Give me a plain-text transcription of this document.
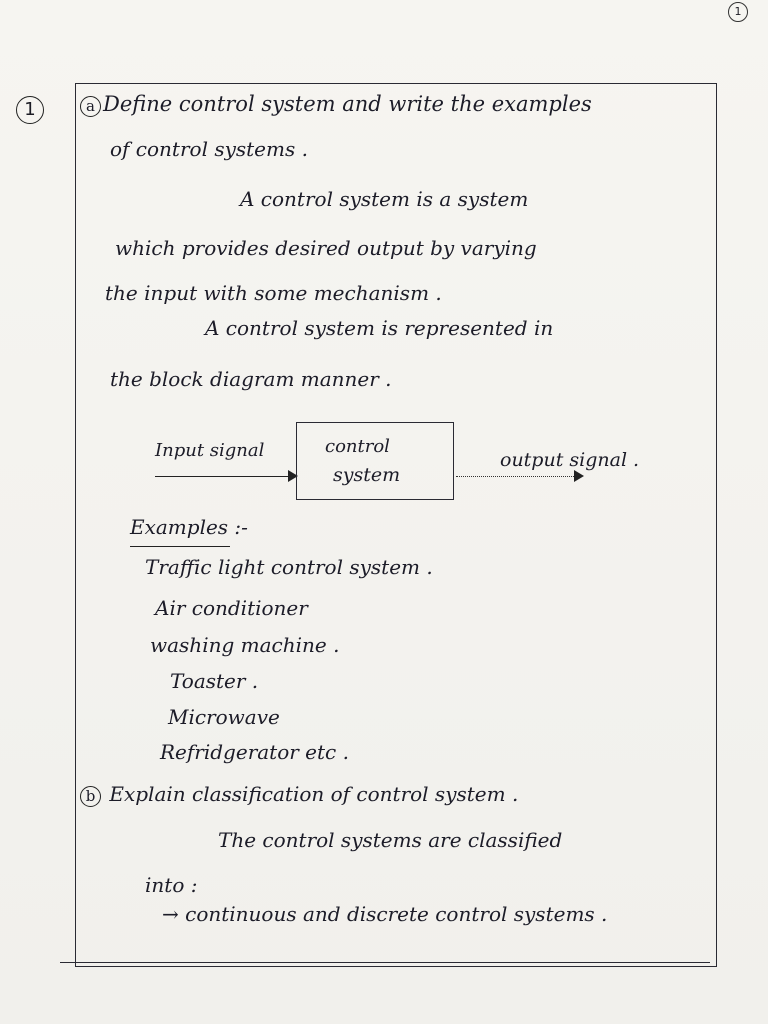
1
1	a Define control system and write the examples
of control systems .
A control system is a system
which provides desired output by varying
the input with some mechanism .
A control system is represented in
the block diagram manner .
Input signal	control
system
output signal .
Examples :-
Traffic light control system .
Air conditioner
washing machine .
Toaster .
Microwave
Refridgerator etc .
b Explain classification of control system .
The control systems are classified
into :
→ continuous and discrete control systems .
